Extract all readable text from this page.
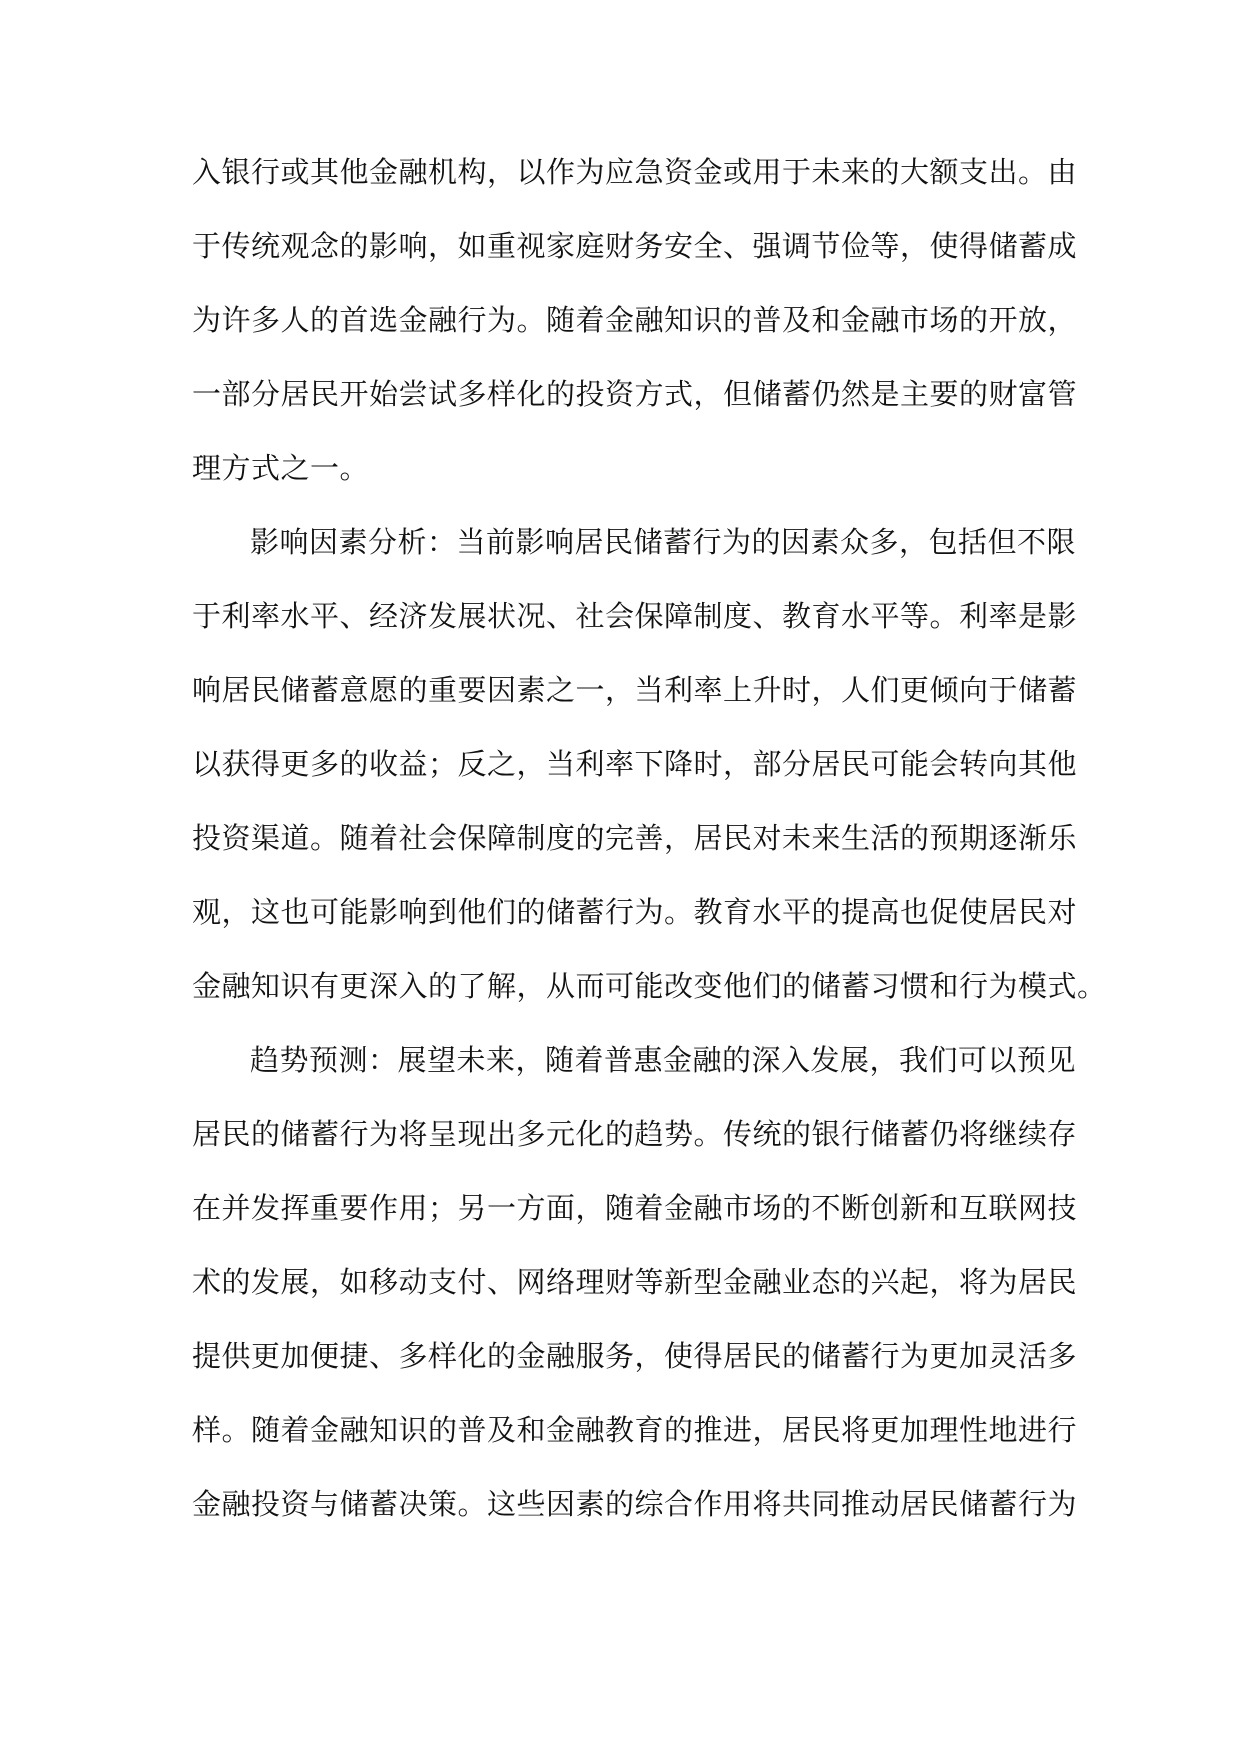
入银行或其他金融机构，以作为应急资金或用于未来的大额支出。由
于传统观念的影响，如重视家庭财务安全、强调节俭等，使得储蓄成
为许多人的首选金融行为。随着金融知识的普及和金融市场的开放，
一部分居民开始尝试多样化的投资方式，但储蓄仍然是主要的财富管
理方式之一。
影响因素分析：当前影响居民储蓄行为的因素众多，包括但不限
于利率水平、经济发展状况、社会保障制度、教育水平等。利率是影
响居民储蓄意愿的重要因素之一，当利率上升时，人们更倾向于储蓄
以获得更多的收益；反之，当利率下降时，部分居民可能会转向其他
投资渠道。随着社会保障制度的完善，居民对未来生活的预期逐渐乐
观，这也可能影响到他们的储蓄行为。教育水平的提高也促使居民对
金融知识有更深入的了解，从而可能改变他们的储蓄习惯和行为模式。
趋势预测：展望未来，随着普惠金融的深入发展，我们可以预见
居民的储蓄行为将呈现出多元化的趋势。传统的银行储蓄仍将继续存
在并发挥重要作用；另一方面，随着金融市场的不断创新和互联网技
术的发展，如移动支付、网络理财等新型金融业态的兴起，将为居民
提供更加便捷、多样化的金融服务，使得居民的储蓄行为更加灵活多
样。随着金融知识的普及和金融教育的推进，居民将更加理性地进行
金融投资与储蓄决策。这些因素的综合作用将共同推动居民储蓄行为
